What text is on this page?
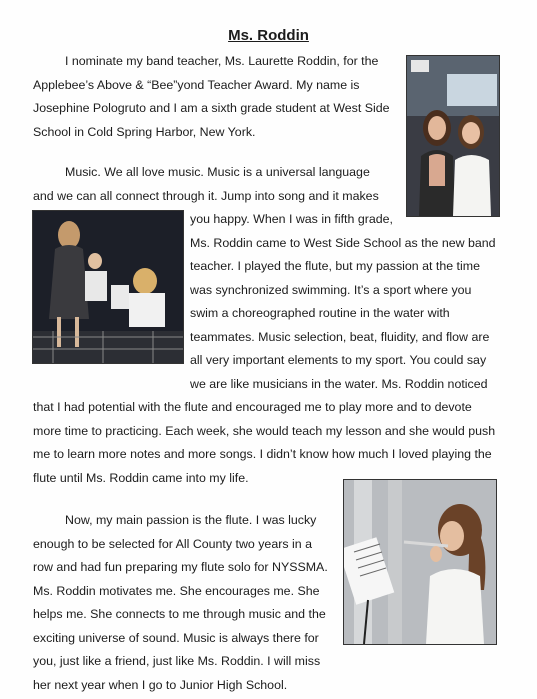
Ms. Roddin
I nominate my band teacher, Ms. Laurette Roddin, for the
Applebee’s Above & “Bee”yond Teacher Award. My name is
Josephine Pologruto and I am a sixth grade student at West Side
School in Cold Spring Harbor, New York.
Music. We all love music. Music is a universal language
and we can all connect through it. Jump into song and it makes
you happy. When I was in fifth grade,
Ms. Roddin came to West Side School as the new band
teacher. I played the flute, but my passion at the time
was synchronized swimming. It’s a sport where you
swim a choreographed routine in the water with
teammates. Music selection, beat, fluidity, and flow are
all very important elements to my sport. You could say
we are like musicians in the water. Ms. Roddin noticed
that I had potential with the flute and encouraged me to play more and to devote
more time to practicing. Each week, she would teach my lesson and she would push
me to learn more notes and more songs. I didn’t know how much I loved playing the
flute until Ms. Roddin came into my life.
Now, my main passion is the flute. I was lucky
enough to be selected for All County two years in a
row and had fun preparing my flute solo for NYSSMA.
Ms. Roddin motivates me. She encourages me. She
helps me. She connects to me through music and the
exciting universe of sound. Music is always there for
you, just like a friend, just like Ms. Roddin. I will miss
her next year when I go to Junior High School.
